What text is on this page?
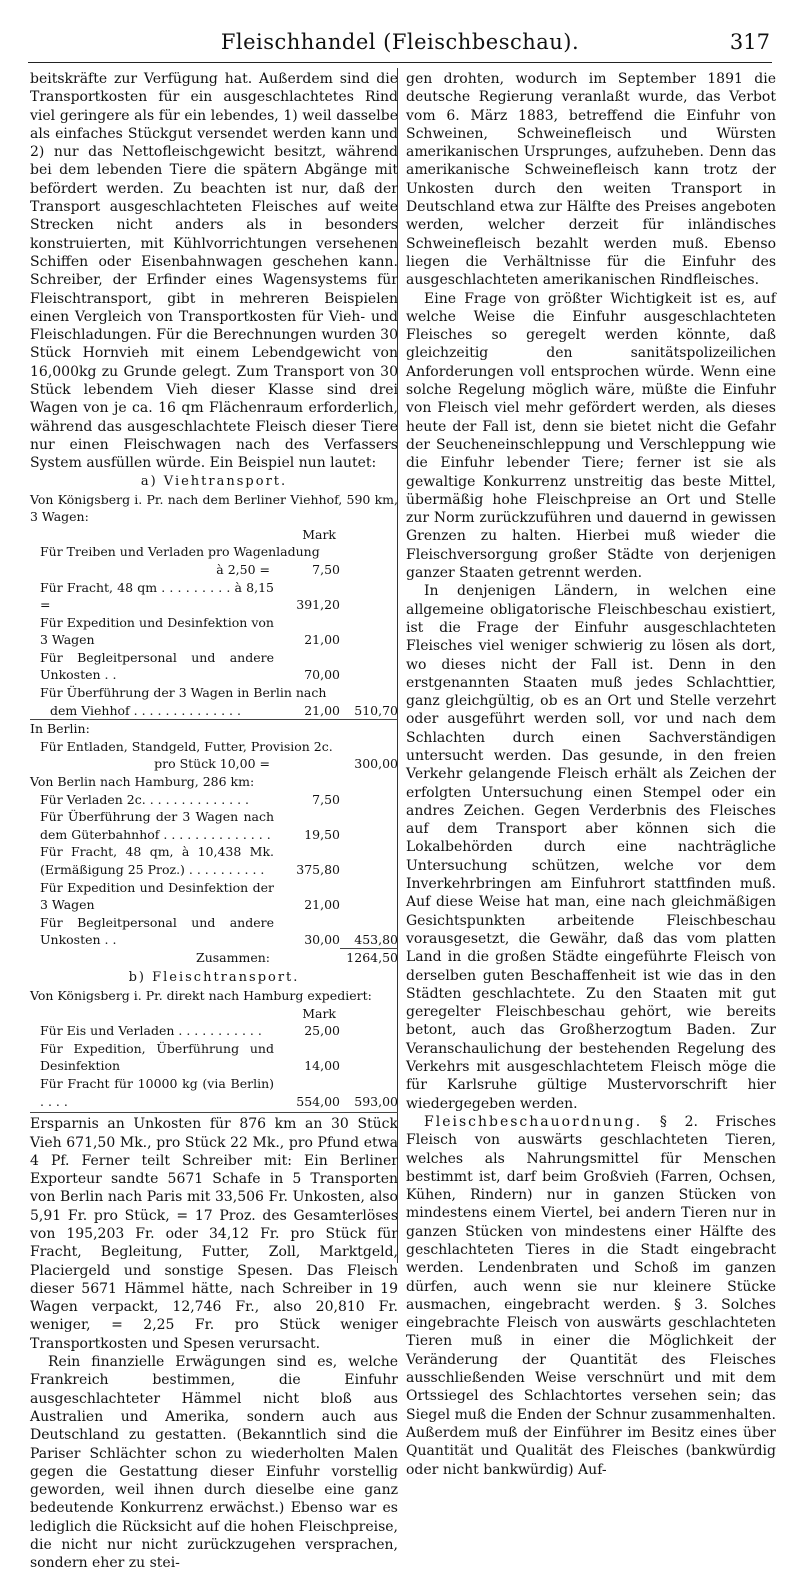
Fleischhandel (Fleischbeschau).	317

beitskräfte zur Verfügung hat. Außerdem sind die Transportkosten für ein ausgeschlachtetes Rind viel geringere als für ein lebendes, 1) weil dasselbe als einfaches Stückgut versendet werden kann und 2) nur das Nettofleischgewicht besitzt, während bei dem lebenden Tiere die spätern Abgänge mit befördert werden. Zu beachten ist nur, daß der Transport ausgeschlachteten Fleisches auf weite Strecken nicht anders als in besonders konstruierten, mit Kühlvorrichtungen versehenen Schiffen oder Eisenbahnwagen geschehen kann. Schreiber, der Erfinder eines Wagensystems für Fleischtransport, gibt in mehreren Beispielen einen Vergleich von Transportkosten für Vieh- und Fleischladungen. Für die Berechnungen wurden 30 Stück Hornvieh mit einem Lebendgewicht von 16,000kg zu Grunde gelegt. Zum Transport von 30 Stück lebendem Vieh dieser Klasse sind drei Wagen von je ca. 16 qm Flächenraum erforderlich, während das ausgeschlachtete Fleisch dieser Tiere nur einen Fleischwagen nach des Verfassers System ausfüllen würde. Ein Beispiel nun lautet:

a) Viehtransport.
Von Königsberg i. Pr. nach dem Berliner Viehhof, 590 km, 3 Wagen:
	Mark	
Für Treiben und Verladen pro Wagenladung		
à 2,50 =	7,50	
Für Fracht, 48 qm . . . . . . . . . à 8,15 =	391,20	
Für Expedition und Desinfektion von 3 Wagen	21,00	
Für Begleitpersonal und andere Unkosten . .	70,00	
Für Überführung der 3 Wagen in Berlin nach		
dem Viehhof . . . . . . . . . . . . . .	21,00	510,70
In Berlin:		
Für Entladen, Standgeld, Futter, Provision 2c.		
pro Stück 10,00 =		300,00
Von Berlin nach Hamburg, 286 km:		
Für Verladen 2c. . . . . . . . . . . . . .	7,50	
Für Überführung der 3 Wagen nach dem Güterbahnhof . . . . . . . . . . . . . .	19,50	
Für Fracht, 48 qm, à 10,438 Mk. (Ermäßigung 25 Proz.) . . . . . . . . . .	375,80	
Für Expedition und Desinfektion der 3 Wagen	21,00	
Für Begleitpersonal und andere Unkosten . .	30,00	453,80
Zusammen:		1264,50
b) Fleischtransport.
Von Königsberg i. Pr. direkt nach Hamburg expediert:
	Mark	
Für Eis und Verladen . . . . . . . . . . .	25,00	
Für Expedition, Überführung und Desinfektion	14,00	
Für Fracht für 10000 kg (via Berlin) . . . .	554,00	593,00

Ersparnis an Unkosten für 876 km an 30 Stück Vieh 671,50 Mk., pro Stück 22 Mk., pro Pfund etwa 4 Pf. Ferner teilt Schreiber mit: Ein Berliner Exporteur sandte 5671 Schafe in 5 Transporten von Berlin nach Paris mit 33,506 Fr. Unkosten, also 5,91 Fr. pro Stück, = 17 Proz. des Gesamterlöses von 195,203 Fr. oder 34,12 Fr. pro Stück für Fracht, Begleitung, Futter, Zoll, Marktgeld, Placiergeld und sonstige Spesen. Das Fleisch dieser 5671 Hämmel hätte, nach Schreiber in 19 Wagen verpackt, 12,746 Fr., also 20,810 Fr. weniger, = 2,25 Fr. pro Stück weniger Transportkosten und Spesen verursacht.

Rein finanzielle Erwägungen sind es, welche Frankreich bestimmen, die Einfuhr ausgeschlachteter Hämmel nicht bloß aus Australien und Amerika, sondern auch aus Deutschland zu gestatten. (Bekanntlich sind die Pariser Schlächter schon zu wiederholten Malen gegen die Gestattung dieser Einfuhr vorstellig geworden, weil ihnen durch dieselbe eine ganz bedeutende Konkurrenz erwächst.) Ebenso war es lediglich die Rücksicht auf die hohen Fleischpreise, die nicht nur nicht zurückzugehen versprachen, sondern eher zu stei-

gen drohten, wodurch im September 1891 die deutsche Regierung veranlaßt wurde, das Verbot vom 6. März 1883, betreffend die Einfuhr von Schweinen, Schweinefleisch und Würsten amerikanischen Ursprunges, aufzuheben. Denn das amerikanische Schweinefleisch kann trotz der Unkosten durch den weiten Transport in Deutschland etwa zur Hälfte des Preises angeboten werden, welcher derzeit für inländisches Schweinefleisch bezahlt werden muß. Ebenso liegen die Verhältnisse für die Einfuhr des ausgeschlachteten amerikanischen Rindfleisches.

Eine Frage von größter Wichtigkeit ist es, auf welche Weise die Einfuhr ausgeschlachteten Fleisches so geregelt werden könnte, daß gleichzeitig den sanitätspolizeilichen Anforderungen voll entsprochen würde. Wenn eine solche Regelung möglich wäre, müßte die Einfuhr von Fleisch viel mehr gefördert werden, als dieses heute der Fall ist, denn sie bietet nicht die Gefahr der Seucheneinschleppung und Verschleppung wie die Einfuhr lebender Tiere; ferner ist sie als gewaltige Konkurrenz unstreitig das beste Mittel, übermäßig hohe Fleischpreise an Ort und Stelle zur Norm zurückzuführen und dauernd in gewissen Grenzen zu halten. Hierbei muß wieder die Fleischversorgung großer Städte von derjenigen ganzer Staaten getrennt werden.

In denjenigen Ländern, in welchen eine allgemeine obligatorische Fleischbeschau existiert, ist die Frage der Einfuhr ausgeschlachteten Fleisches viel weniger schwierig zu lösen als dort, wo dieses nicht der Fall ist. Denn in den erstgenannten Staaten muß jedes Schlachttier, ganz gleichgültig, ob es an Ort und Stelle verzehrt oder ausgeführt werden soll, vor und nach dem Schlachten durch einen Sachverständigen untersucht werden. Das gesunde, in den freien Verkehr gelangende Fleisch erhält als Zeichen der erfolgten Untersuchung einen Stempel oder ein andres Zeichen. Gegen Verderbnis des Fleisches auf dem Transport aber können sich die Lokalbehörden durch eine nachträgliche Untersuchung schützen, welche vor dem Inverkehrbringen am Einfuhrort stattfinden muß. Auf diese Weise hat man, eine nach gleichmäßigen Gesichtspunkten arbeitende Fleischbeschau vorausgesetzt, die Gewähr, daß das vom platten Land in die großen Städte eingeführte Fleisch von derselben guten Beschaffenheit ist wie das in den Städten geschlachtete. Zu den Staaten mit gut geregelter Fleischbeschau gehört, wie bereits betont, auch das Großherzogtum Baden. Zur Veranschaulichung der bestehenden Regelung des Verkehrs mit ausgeschlachtetem Fleisch möge die für Karlsruhe gültige Mustervorschrift hier wiedergegeben werden.

Fleischbeschauordnung. § 2. Frisches Fleisch von auswärts geschlachteten Tieren, welches als Nahrungsmittel für Menschen bestimmt ist, darf beim Großvieh (Farren, Ochsen, Kühen, Rindern) nur in ganzen Stücken von mindestens einem Viertel, bei andern Tieren nur in ganzen Stücken von mindestens einer Hälfte des geschlachteten Tieres in die Stadt eingebracht werden. Lendenbraten und Schoß im ganzen dürfen, auch wenn sie nur kleinere Stücke ausmachen, eingebracht werden. § 3. Solches eingebrachte Fleisch von auswärts geschlachteten Tieren muß in einer die Möglichkeit der Veränderung der Quantität des Fleisches ausschließenden Weise verschnürt und mit dem Ortssiegel des Schlachtortes versehen sein; das Siegel muß die Enden der Schnur zusammenhalten. Außerdem muß der Einführer im Besitz eines über Quantität und Qualität des Fleisches (bankwürdig oder nicht bankwürdig) Auf-
